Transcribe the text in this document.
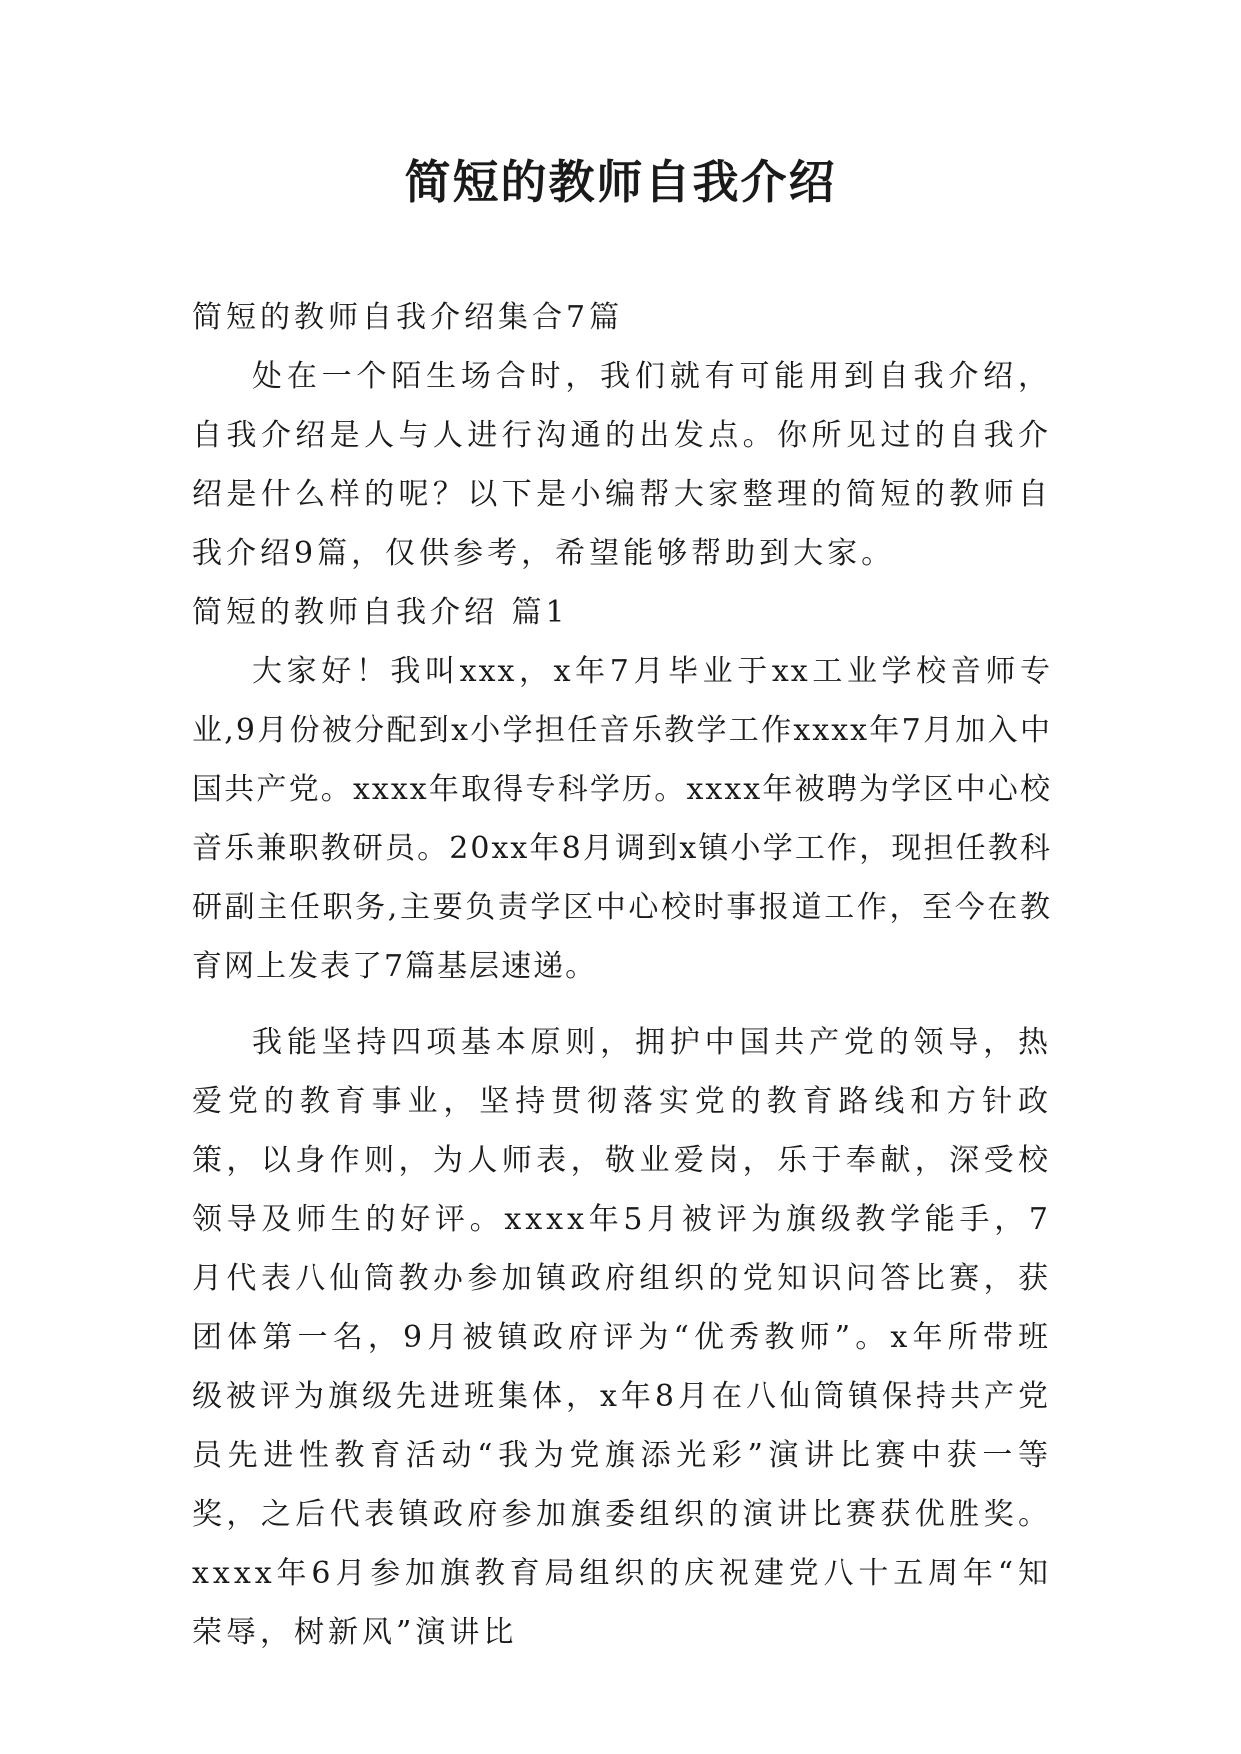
简短的教师自我介绍

简短的教师自我介绍集合7篇

处在一个陌生场合时，我们就有可能用到自我介绍，自我介绍是人与人进行沟通的出发点。你所见过的自我介绍是什么样的呢？以下是小编帮大家整理的简短的教师自我介绍9篇，仅供参考，希望能够帮助到大家。

简短的教师自我介绍 篇1

大家好！我叫xxx，x年7月毕业于xx工业学校音师专业,9月份被分配到x小学担任音乐教学工作xxxx年7月加入中国共产党。xxxx年取得专科学历。xxxx年被聘为学区中心校音乐兼职教研员。20xx年8月调到x镇小学工作，现担任教科研副主任职务,主要负责学区中心校时事报道工作，至今在教育网上发表了7篇基层速递。

我能坚持四项基本原则，拥护中国共产党的领导，热爱党的教育事业，坚持贯彻落实党的教育路线和方针政策，以身作则，为人师表，敬业爱岗，乐于奉献，深受校领导及师生的好评。xxxx年5月被评为旗级教学能手，7月代表八仙筒教办参加镇政府组织的党知识问答比赛，获团体第一名，9月被镇政府评为“优秀教师”。x年所带班级被评为旗级先进班集体，x年8月在八仙筒镇保持共产党员先进性教育活动“我为党旗添光彩”演讲比赛中获一等奖，之后代表镇政府参加旗委组织的演讲比赛获优胜奖。xxxx年6月参加旗教育局组织的庆祝建党八十五周年“知荣辱，树新风”演讲比
